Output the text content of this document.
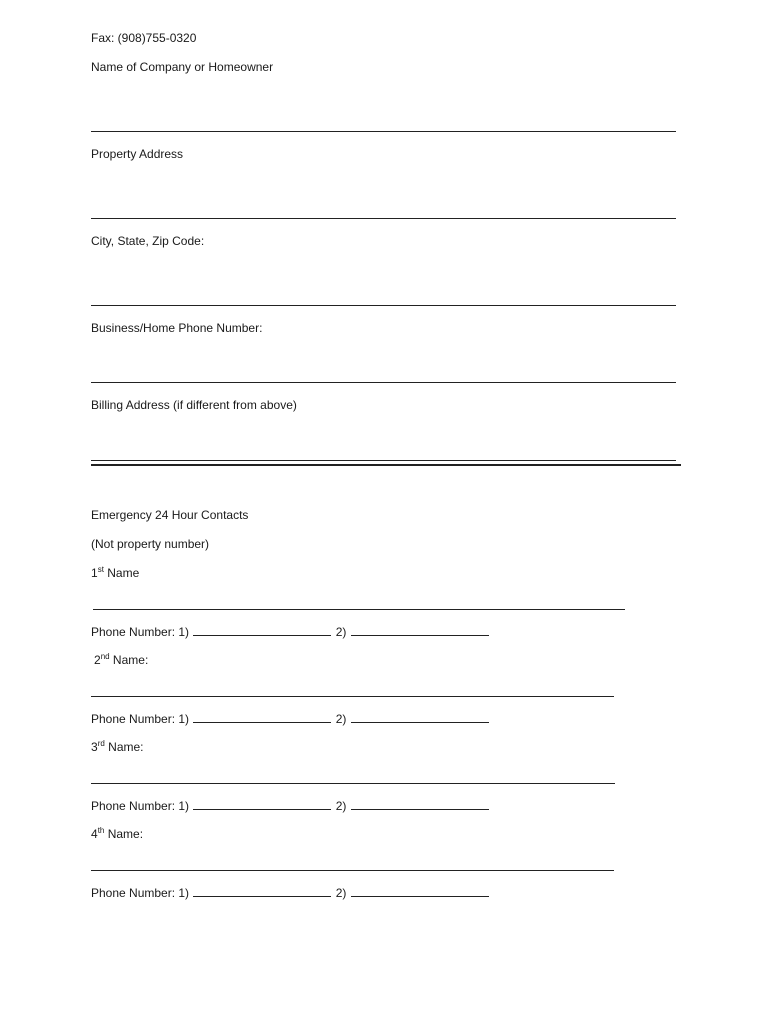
Fax: (908)755-0320
Name of Company or Homeowner
Property Address
City, State, Zip Code:
Business/Home Phone Number:
Billing Address (if different from above)
Emergency 24 Hour Contacts
(Not property number)
1st Name
Phone Number: 1)	2)
2nd Name:
Phone Number: 1)	2)
3rd Name:
Phone Number: 1)	2)
4th Name:
Phone Number: 1)	2)
